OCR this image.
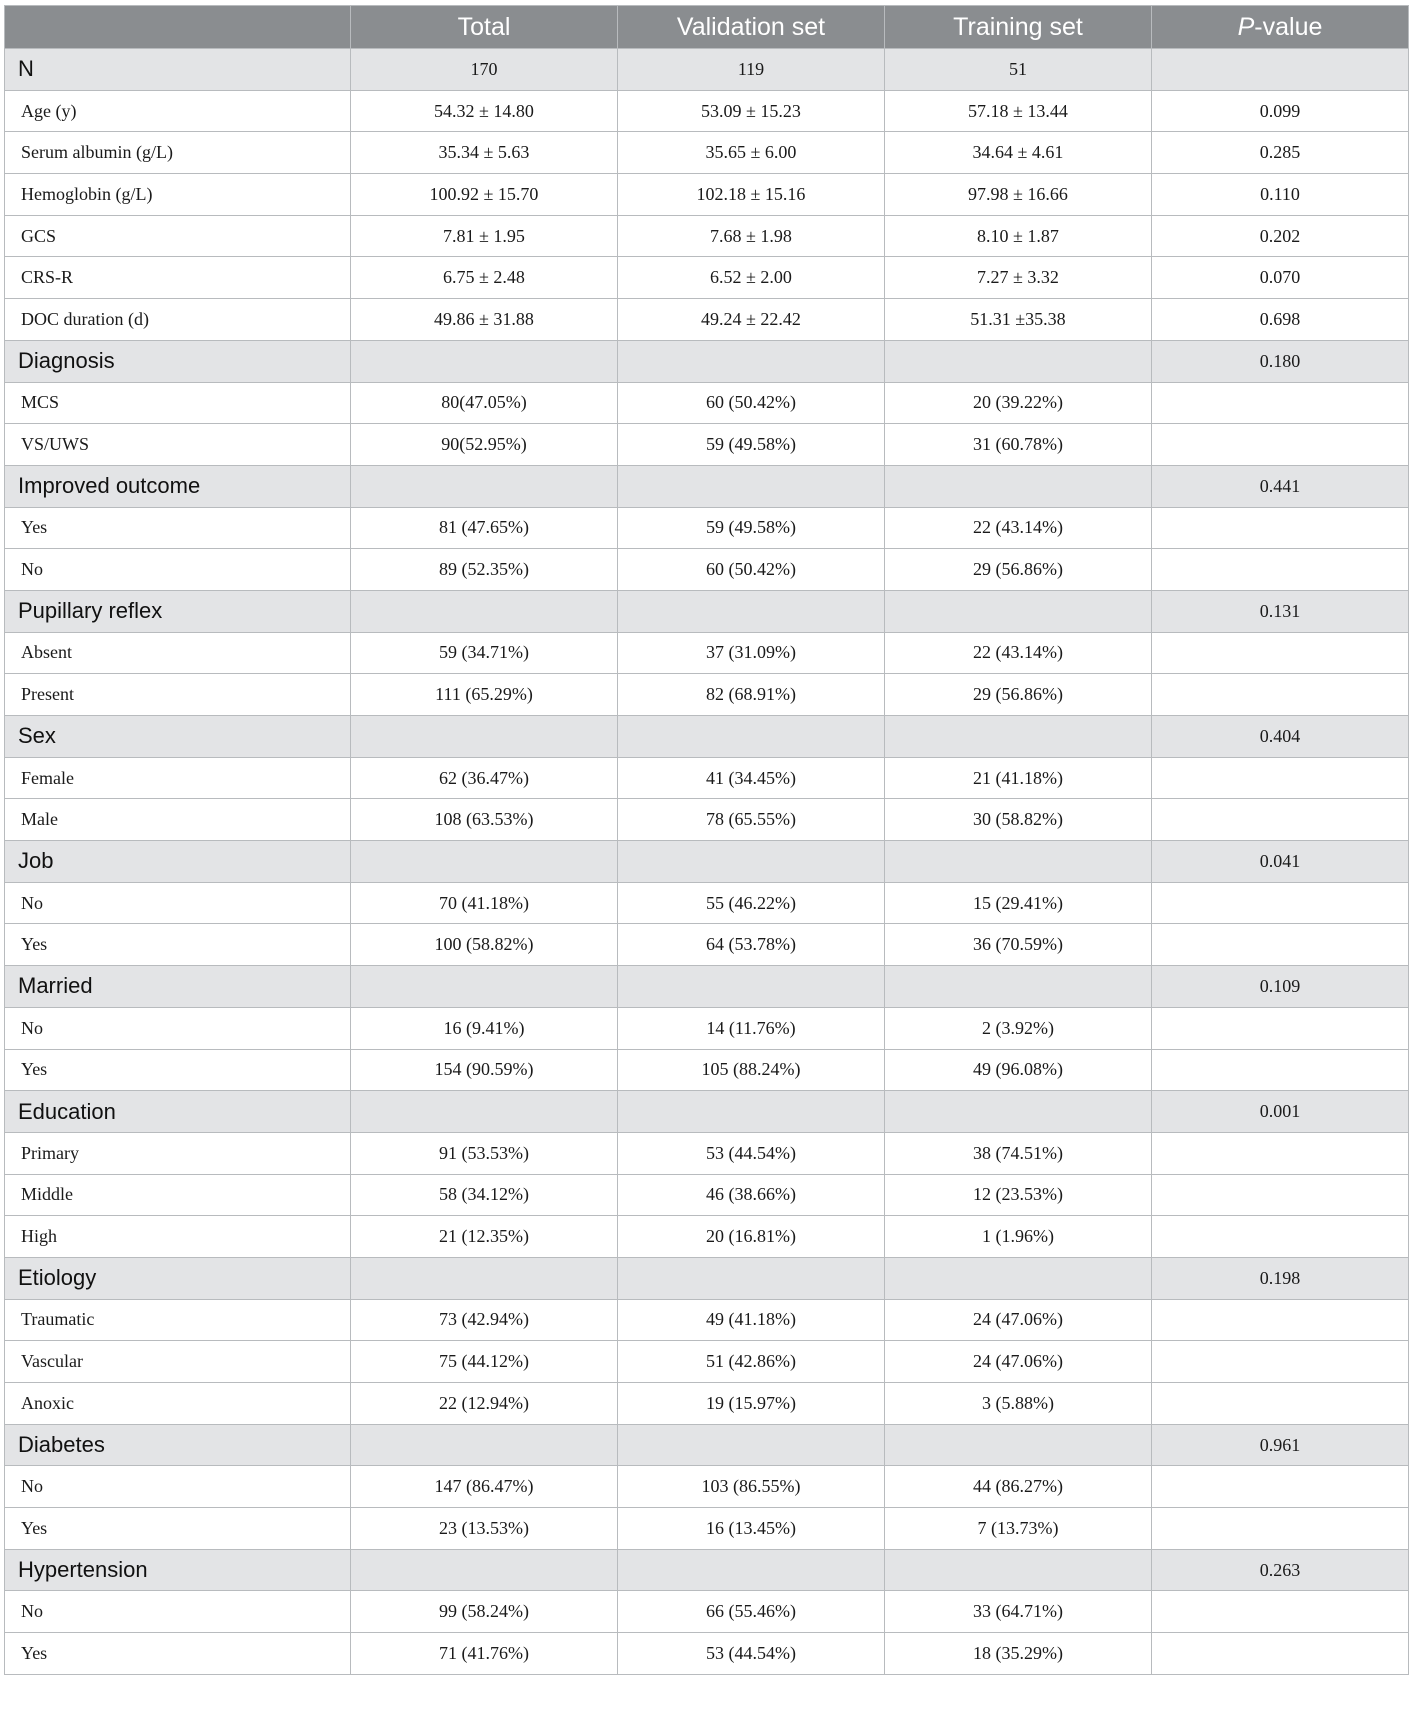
	Total	Validation set	Training set	P-value
N	170	119	51	
Age (y)	54.32 ± 14.80	53.09 ± 15.23	57.18 ± 13.44	0.099
Serum albumin (g/L)	35.34 ± 5.63	35.65 ± 6.00	34.64 ± 4.61	0.285
Hemoglobin (g/L)	100.92 ± 15.70	102.18 ± 15.16	97.98 ± 16.66	0.110
GCS	7.81 ± 1.95	7.68 ± 1.98	8.10 ± 1.87	0.202
CRS-R	6.75 ± 2.48	6.52 ± 2.00	7.27 ± 3.32	0.070
DOC duration (d)	49.86 ± 31.88	49.24 ± 22.42	51.31 ±35.38	0.698
Diagnosis				0.180
MCS	80(47.05%)	60 (50.42%)	20 (39.22%)	
VS/UWS	90(52.95%)	59 (49.58%)	31 (60.78%)	
Improved outcome				0.441
Yes	81 (47.65%)	59 (49.58%)	22 (43.14%)	
No	89 (52.35%)	60 (50.42%)	29 (56.86%)	
Pupillary reflex				0.131
Absent	59 (34.71%)	37 (31.09%)	22 (43.14%)	
Present	111 (65.29%)	82 (68.91%)	29 (56.86%)	
Sex				0.404
Female	62 (36.47%)	41 (34.45%)	21 (41.18%)	
Male	108 (63.53%)	78 (65.55%)	30 (58.82%)	
Job				0.041
No	70 (41.18%)	55 (46.22%)	15 (29.41%)	
Yes	100 (58.82%)	64 (53.78%)	36 (70.59%)	
Married				0.109
No	16 (9.41%)	14 (11.76%)	2 (3.92%)	
Yes	154 (90.59%)	105 (88.24%)	49 (96.08%)	
Education				0.001
Primary	91 (53.53%)	53 (44.54%)	38 (74.51%)	
Middle	58 (34.12%)	46 (38.66%)	12 (23.53%)	
High	21 (12.35%)	20 (16.81%)	1 (1.96%)	
Etiology				0.198
Traumatic	73 (42.94%)	49 (41.18%)	24 (47.06%)	
Vascular	75 (44.12%)	51 (42.86%)	24 (47.06%)	
Anoxic	22 (12.94%)	19 (15.97%)	3 (5.88%)	
Diabetes				0.961
No	147 (86.47%)	103 (86.55%)	44 (86.27%)	
Yes	23 (13.53%)	16 (13.45%)	7 (13.73%)	
Hypertension				0.263
No	99 (58.24%)	66 (55.46%)	33 (64.71%)	
Yes	71 (41.76%)	53 (44.54%)	18 (35.29%)	
